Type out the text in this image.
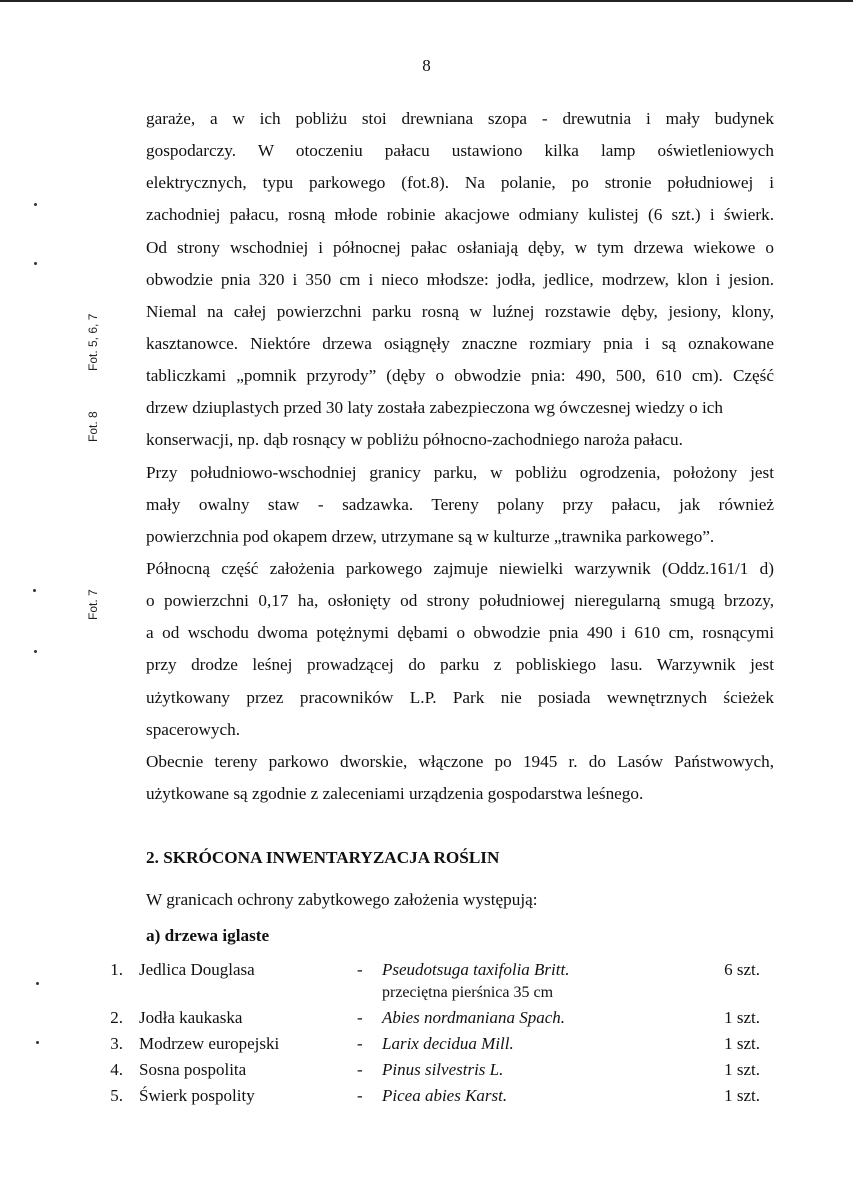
8
Fot. 5, 6, 7
Fot. 8
Fot. 7
garaże, a w ich pobliżu stoi drewniana szopa - drewutnia i mały budynek
gospodarczy. W otoczeniu pałacu ustawiono kilka lamp oświetleniowych
elektrycznych, typu parkowego (fot.8). Na polanie, po stronie południowej i
zachodniej pałacu, rosną młode robinie akacjowe odmiany kulistej (6 szt.) i świerk.
Od strony wschodniej i północnej pałac osłaniają dęby, w tym drzewa wiekowe o
obwodzie pnia 320 i 350 cm i nieco młodsze: jodła, jedlice, modrzew, klon i jesion.
Niemal na całej powierzchni parku rosną w luźnej rozstawie dęby, jesiony, klony,
kasztanowce. Niektóre drzewa osiągnęły znaczne rozmiary pnia i są oznakowane
tabliczkami „pomnik przyrody” (dęby o obwodzie pnia: 490, 500, 610 cm). Część
drzew dziuplastych przed 30 laty została zabezpieczona wg ówczesnej wiedzy o ich
konserwacji, np. dąb rosnący w pobliżu północno-zachodniego naroża pałacu.
Przy południowo-wschodniej granicy parku, w pobliżu ogrodzenia, położony jest
mały owalny staw - sadzawka. Tereny polany przy pałacu, jak również
powierzchnia pod okapem drzew, utrzymane są w kulturze „trawnika parkowego”.
Północną część założenia parkowego zajmuje niewielki warzywnik (Oddz.161/1 d)
o powierzchni 0,17 ha, osłonięty od strony południowej nieregularną smugą brzozy,
a od wschodu dwoma potężnymi dębami o obwodzie pnia 490 i 610 cm, rosnącymi
przy drodze leśnej prowadzącej do parku z pobliskiego lasu. Warzywnik jest
użytkowany przez pracowników L.P. Park nie posiada wewnętrznych ścieżek
spacerowych.
Obecnie tereny parkowo dworskie, włączone po 1945 r. do Lasów Państwowych,
użytkowane są zgodnie z zaleceniami urządzenia gospodarstwa leśnego.
2. SKRÓCONA INWENTARYZACJA ROŚLIN
W granicach ochrony zabytkowego założenia występują:
a) drzewa iglaste
1. Jedlica Douglasa	- Pseudotsuga taxifolia Britt.	6 szt.
przeciętna pierśnica 35 cm
2. Jodła kaukaska	- Abies nordmaniana Spach.	1 szt.
3. Modrzew europejski	- Larix decidua Mill.	1 szt.
4. Sosna pospolita	- Pinus silvestris L.	1 szt.
5. Świerk pospolity	- Picea abies Karst.	1 szt.
